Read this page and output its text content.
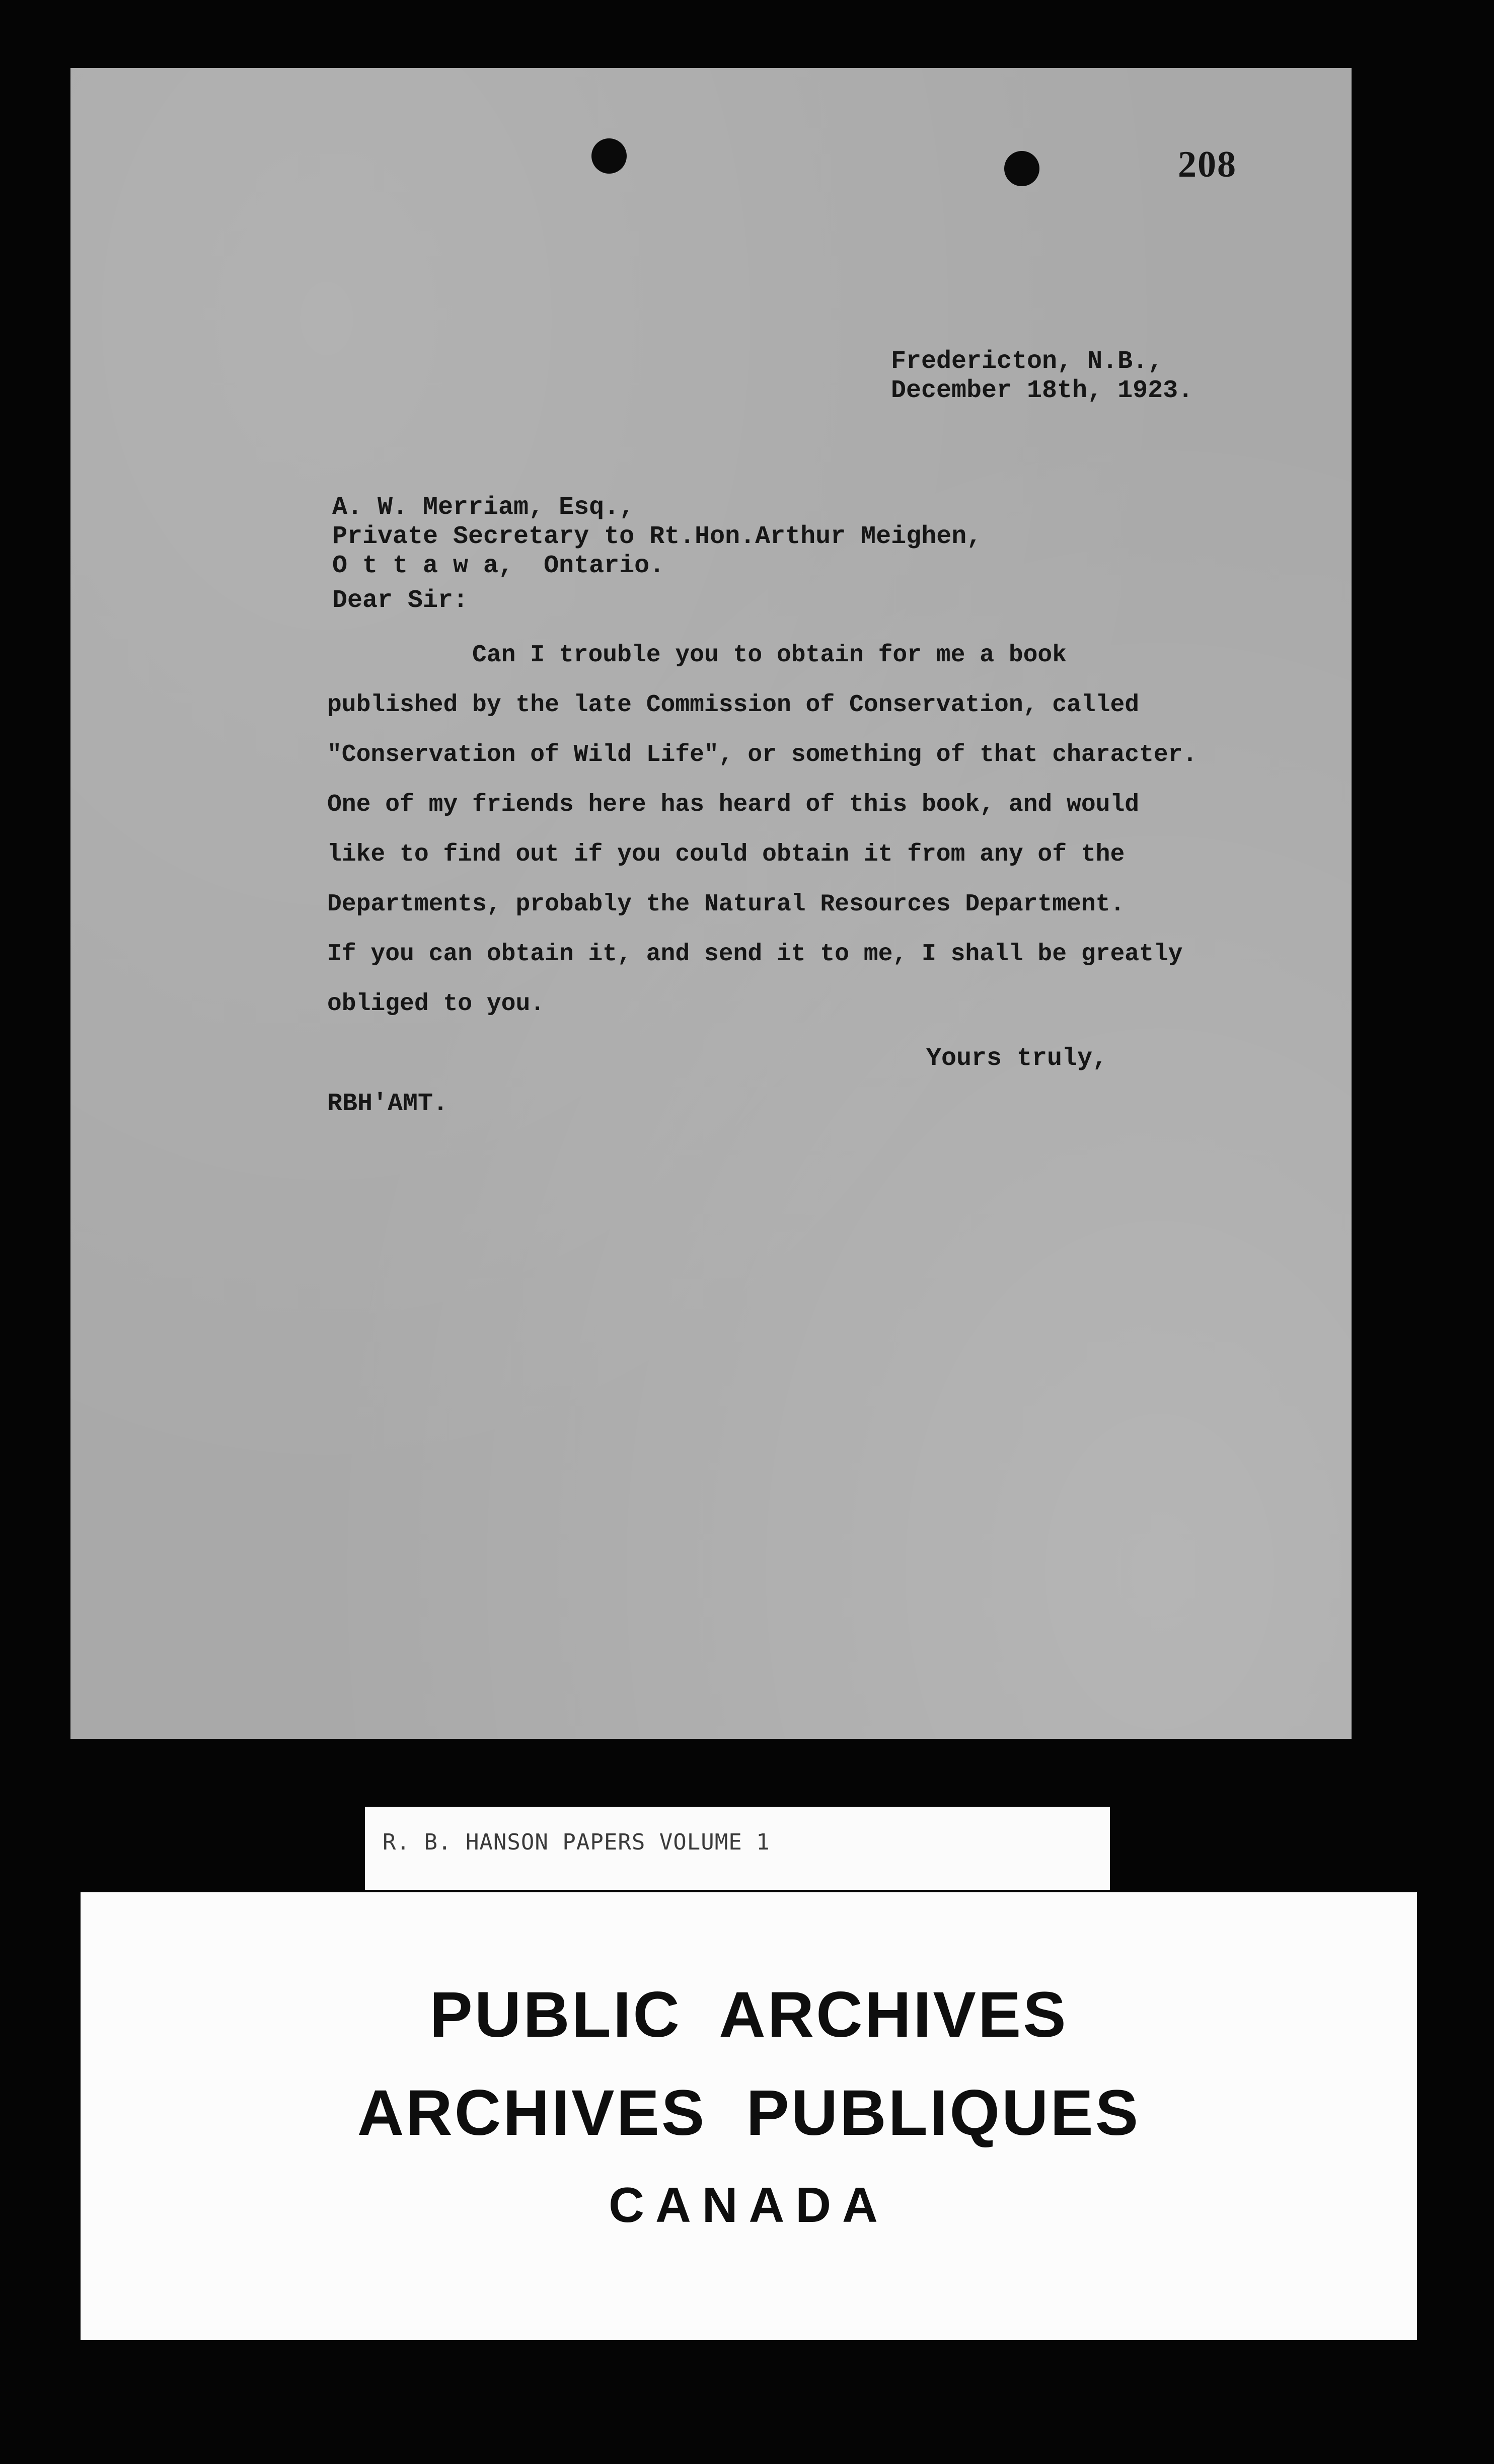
208
Fredericton, N.B.,
December 18th, 1923.
A. W. Merriam, Esq.,
Private Secretary to Rt.Hon.Arthur Meighen,
O t t a w a,  Ontario.
Dear Sir:
Can I trouble you to obtain for me a book
published by the late Commission of Conservation, called
"Conservation of Wild Life", or something of that character.
One of my friends here has heard of this book, and would
like to find out if you could obtain it from any of the
Departments, probably the Natural Resources Department.
If you can obtain it, and send it to me, I shall be greatly
obliged to you.
Yours truly,
RBH'AMT.
R. B. HANSON PAPERS VOLUME 1
PUBLIC  ARCHIVES
ARCHIVES  PUBLIQUES
CANADA
